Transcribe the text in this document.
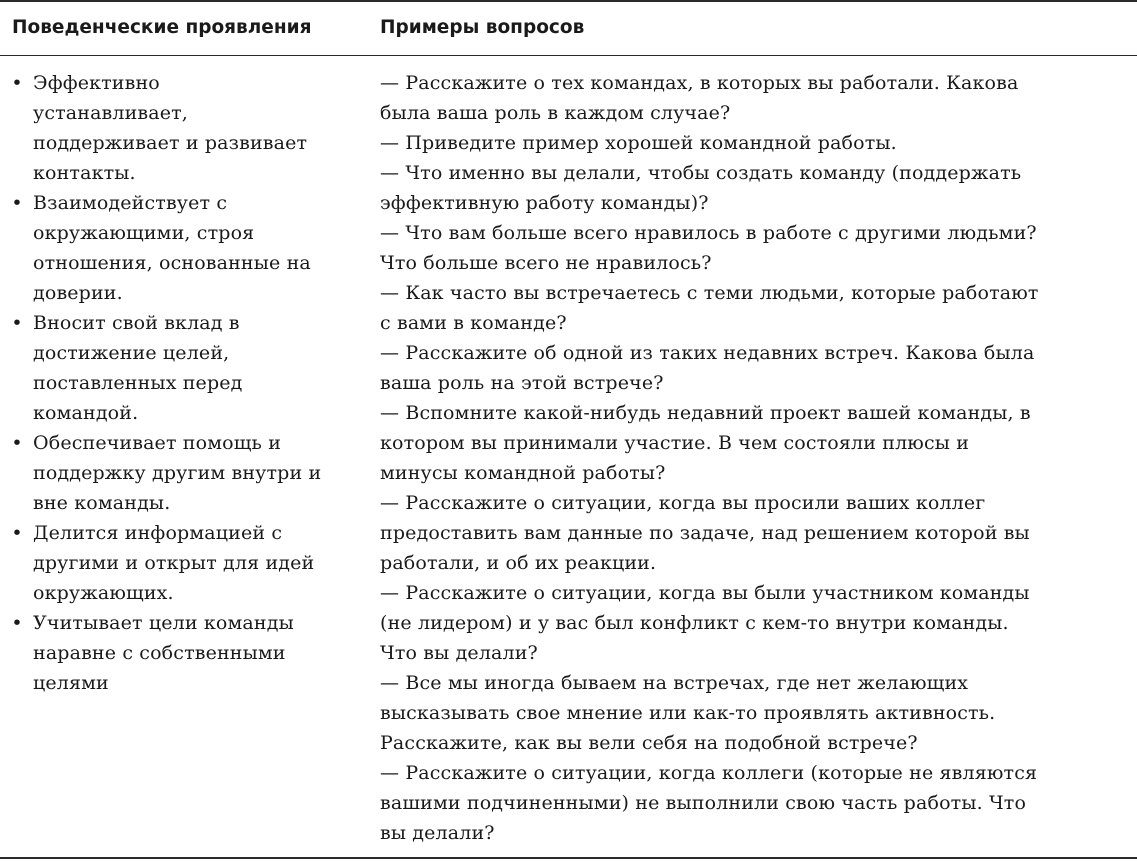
Поведенческие проявления	Примеры вопросов
• Эффективно
устанавливает,
поддерживает и развивает
контакты.
• Взаимодействует с
окружающими, строя
отношения, основанные на
доверии.
• Вносит свой вклад в
достижение целей,
поставленных перед
командой.
• Обеспечивает помощь и
поддержку другим внутри и
вне команды.
• Делится информацией с
другими и открыт для идей
окружающих.
• Учитывает цели команды
наравне с собственными
целями
— Расскажите о тех командах, в которых вы работали. Какова
была ваша роль в каждом случае?
— Приведите пример хорошей командной работы.
— Что именно вы делали, чтобы создать команду (поддержать
эффективную работу команды)?
— Что вам больше всего нравилось в работе с другими людьми?
Что больше всего не нравилось?
— Как часто вы встречаетесь с теми людьми, которые работают
с вами в команде?
— Расскажите об одной из таких недавних встреч. Какова была
ваша роль на этой встрече?
— Вспомните какой-нибудь недавний проект вашей команды, в
котором вы принимали участие. В чем состояли плюсы и
минусы командной работы?
— Расскажите о ситуации, когда вы просили ваших коллег
предоставить вам данные по задаче, над решением которой вы
работали, и об их реакции.
— Расскажите о ситуации, когда вы были участником команды
(не лидером) и у вас был конфликт с кем-то внутри команды.
Что вы делали?
— Все мы иногда бываем на встречах, где нет желающих
высказывать свое мнение или как-то проявлять активность.
Расскажите, как вы вели себя на подобной встрече?
— Расскажите о ситуации, когда коллеги (которые не являются
вашими подчиненными) не выполнили свою часть работы. Что
вы делали?
